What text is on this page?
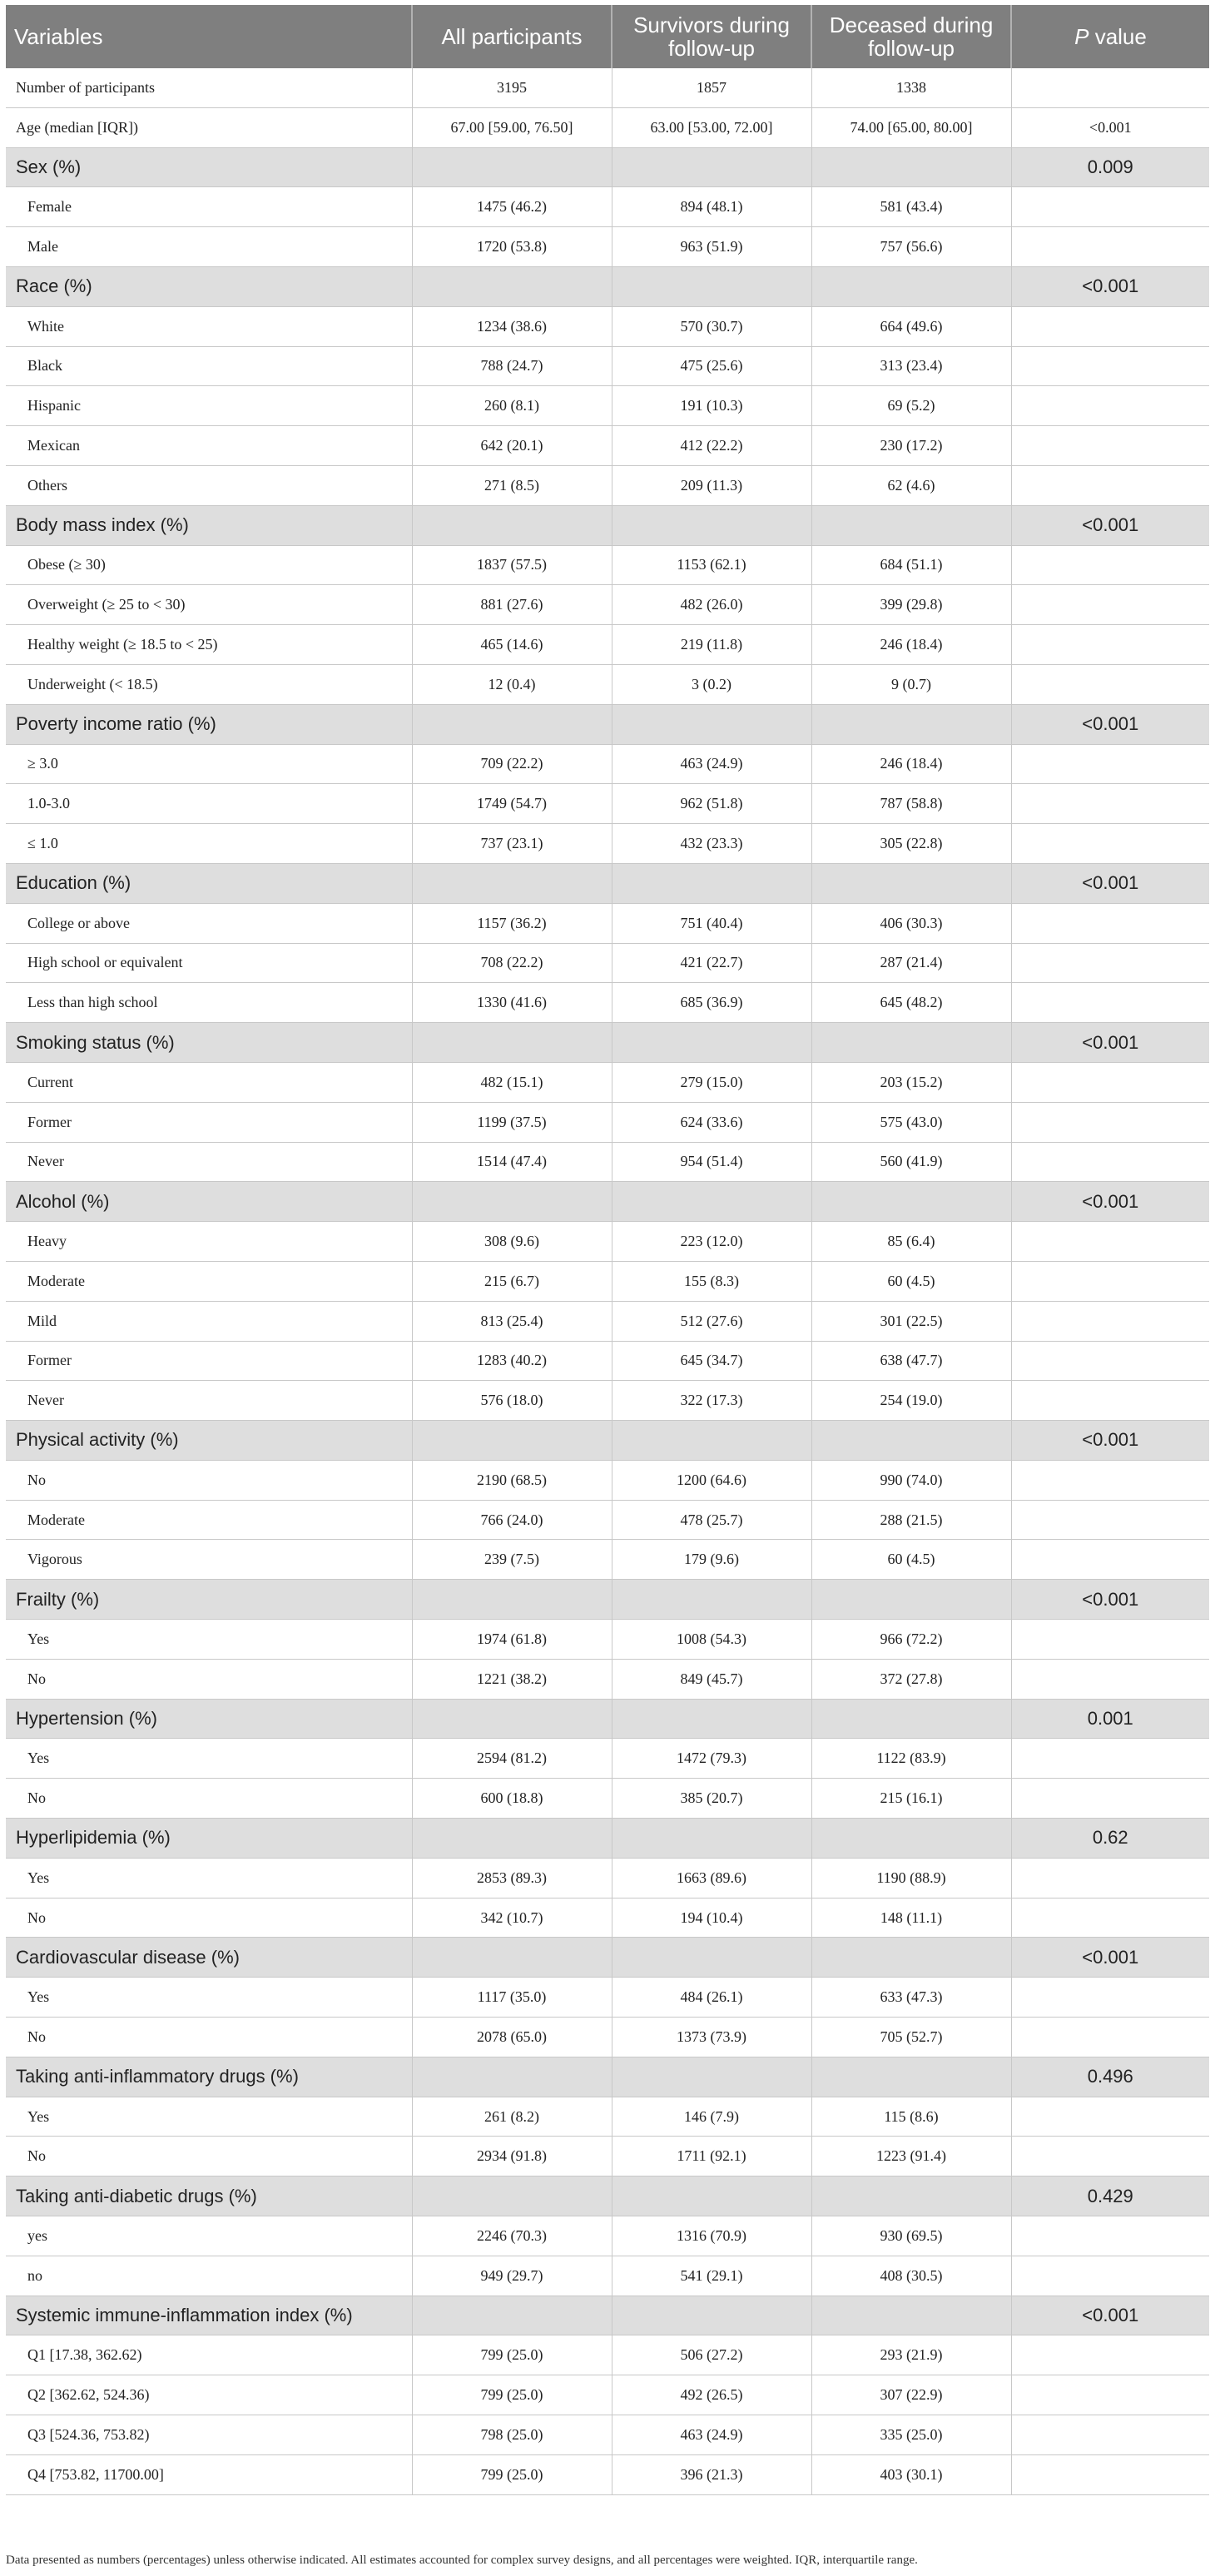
Variables	All participants	Survivors during follow-up	Deceased during follow-up	P value
Number of participants	3195	1857	1338	
Age (median [IQR])	67.00 [59.00, 76.50]	63.00 [53.00, 72.00]	74.00 [65.00, 80.00]	<0.001
Sex (%)				0.009
Female	1475 (46.2)	894 (48.1)	581 (43.4)	
Male	1720 (53.8)	963 (51.9)	757 (56.6)	
Race (%)				<0.001
White	1234 (38.6)	570 (30.7)	664 (49.6)	
Black	788 (24.7)	475 (25.6)	313 (23.4)	
Hispanic	260 (8.1)	191 (10.3)	69 (5.2)	
Mexican	642 (20.1)	412 (22.2)	230 (17.2)	
Others	271 (8.5)	209 (11.3)	62 (4.6)	
Body mass index (%)				<0.001
Obese (≥ 30)	1837 (57.5)	1153 (62.1)	684 (51.1)	
Overweight (≥ 25 to < 30)	881 (27.6)	482 (26.0)	399 (29.8)	
Healthy weight (≥ 18.5 to < 25)	465 (14.6)	219 (11.8)	246 (18.4)	
Underweight (< 18.5)	12 (0.4)	3 (0.2)	9 (0.7)	
Poverty income ratio (%)				<0.001
≥ 3.0	709 (22.2)	463 (24.9)	246 (18.4)	
1.0-3.0	1749 (54.7)	962 (51.8)	787 (58.8)	
≤ 1.0	737 (23.1)	432 (23.3)	305 (22.8)	
Education (%)				<0.001
College or above	1157 (36.2)	751 (40.4)	406 (30.3)	
High school or equivalent	708 (22.2)	421 (22.7)	287 (21.4)	
Less than high school	1330 (41.6)	685 (36.9)	645 (48.2)	
Smoking status (%)				<0.001
Current	482 (15.1)	279 (15.0)	203 (15.2)	
Former	1199 (37.5)	624 (33.6)	575 (43.0)	
Never	1514 (47.4)	954 (51.4)	560 (41.9)	
Alcohol (%)				<0.001
Heavy	308 (9.6)	223 (12.0)	85 (6.4)	
Moderate	215 (6.7)	155 (8.3)	60 (4.5)	
Mild	813 (25.4)	512 (27.6)	301 (22.5)	
Former	1283 (40.2)	645 (34.7)	638 (47.7)	
Never	576 (18.0)	322 (17.3)	254 (19.0)	
Physical activity (%)				<0.001
No	2190 (68.5)	1200 (64.6)	990 (74.0)	
Moderate	766 (24.0)	478 (25.7)	288 (21.5)	
Vigorous	239 (7.5)	179 (9.6)	60 (4.5)	
Frailty (%)				<0.001
Yes	1974 (61.8)	1008 (54.3)	966 (72.2)	
No	1221 (38.2)	849 (45.7)	372 (27.8)	
Hypertension (%)				0.001
Yes	2594 (81.2)	1472 (79.3)	1122 (83.9)	
No	600 (18.8)	385 (20.7)	215 (16.1)	
Hyperlipidemia (%)				0.62
Yes	2853 (89.3)	1663 (89.6)	1190 (88.9)	
No	342 (10.7)	194 (10.4)	148 (11.1)	
Cardiovascular disease (%)				<0.001
Yes	1117 (35.0)	484 (26.1)	633 (47.3)	
No	2078 (65.0)	1373 (73.9)	705 (52.7)	
Taking anti-inflammatory drugs (%)				0.496
Yes	261 (8.2)	146 (7.9)	115 (8.6)	
No	2934 (91.8)	1711 (92.1)	1223 (91.4)	
Taking anti-diabetic drugs (%)				0.429
yes	2246 (70.3)	1316 (70.9)	930 (69.5)	
no	949 (29.7)	541 (29.1)	408 (30.5)	
Systemic immune-inflammation index (%)				<0.001
Q1 [17.38, 362.62)	799 (25.0)	506 (27.2)	293 (21.9)	
Q2 [362.62, 524.36)	799 (25.0)	492 (26.5)	307 (22.9)	
Q3 [524.36, 753.82)	798 (25.0)	463 (24.9)	335 (25.0)	
Q4 [753.82, 11700.00]	799 (25.0)	396 (21.3)	403 (30.1)	
Data presented as numbers (percentages) unless otherwise indicated. All estimates accounted for complex survey designs, and all percentages were weighted. IQR, interquartile range.
